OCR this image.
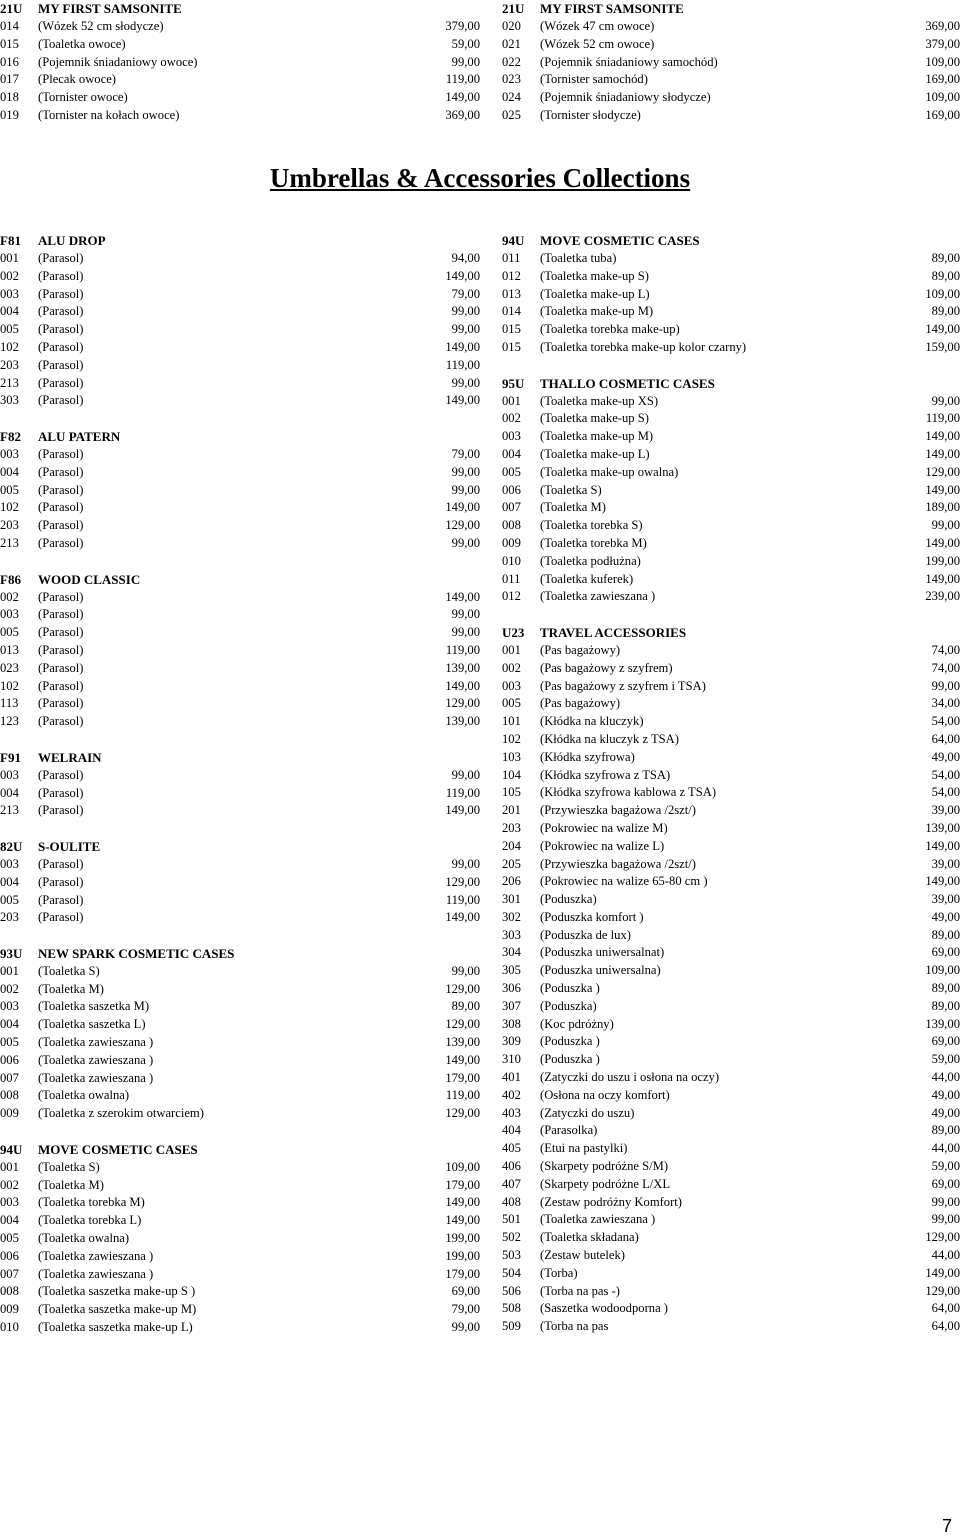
21U	MY FIRST SAMSONITE
014	(Wózek 52 cm słodycze)	379,00
015	(Toaletka owoce)	59,00
016	(Pojemnik śniadaniowy owoce)	99,00
017	(Plecak owoce)	119,00
018	(Tornister owoce)	149,00
019	(Tornister na kołach owoce)	369,00
21U	MY FIRST SAMSONITE
020	(Wózek 47 cm owoce)	369,00
021	(Wózek 52 cm owoce)	379,00
022	(Pojemnik śniadaniowy samochód)	109,00
023	(Tornister samochód)	169,00
024	(Pojemnik śniadaniowy słodycze)	109,00
025	(Tornister słodycze)	169,00
Umbrellas & Accessories Collections
F81	ALU DROP
001	(Parasol)	94,00
002	(Parasol)	149,00
003	(Parasol)	79,00
004	(Parasol)	99,00
005	(Parasol)	99,00
102	(Parasol)	149,00
203	(Parasol)	119,00
213	(Parasol)	99,00
303	(Parasol)	149,00
F82	ALU PATERN
003	(Parasol)	79,00
004	(Parasol)	99,00
005	(Parasol)	99,00
102	(Parasol)	149,00
203	(Parasol)	129,00
213	(Parasol)	99,00
F86	WOOD CLASSIC
002	(Parasol)	149,00
003	(Parasol)	99,00
005	(Parasol)	99,00
013	(Parasol)	119,00
023	(Parasol)	139,00
102	(Parasol)	149,00
113	(Parasol)	129,00
123	(Parasol)	139,00
F91	WELRAIN
003	(Parasol)	99,00
004	(Parasol)	119,00
213	(Parasol)	149,00
82U	S-OULITE
003	(Parasol)	99,00
004	(Parasol)	129,00
005	(Parasol)	119,00
203	(Parasol)	149,00
93U	NEW SPARK COSMETIC CASES
001	(Toaletka S)	99,00
002	(Toaletka M)	129,00
003	(Toaletka saszetka M)	89,00
004	(Toaletka saszetka L)	129,00
005	(Toaletka zawieszana )	139,00
006	(Toaletka zawieszana )	149,00
007	(Toaletka zawieszana )	179,00
008	(Toaletka owalna)	119,00
009	(Toaletka z szerokim otwarciem)	129,00
94U	MOVE COSMETIC CASES
001	(Toaletka S)	109,00
002	(Toaletka M)	179,00
003	(Toaletka torebka M)	149,00
004	(Toaletka torebka L)	149,00
005	(Toaletka owalna)	199,00
006	(Toaletka zawieszana )	199,00
007	(Toaletka zawieszana )	179,00
008	(Toaletka saszetka make-up S )	69,00
009	(Toaletka saszetka make-up M)	79,00
010	(Toaletka saszetka make-up L)	99,00
94U	MOVE COSMETIC CASES
011	(Toaletka tuba)	89,00
012	(Toaletka make-up S)	89,00
013	(Toaletka make-up L)	109,00
014	(Toaletka make-up M)	89,00
015	(Toaletka torebka make-up)	149,00
015	(Toaletka torebka make-up kolor czarny)	159,00
95U	THALLO COSMETIC CASES
001	(Toaletka make-up XS)	99,00
002	(Toaletka make-up S)	119,00
003	(Toaletka make-up M)	149,00
004	(Toaletka make-up L)	149,00
005	(Toaletka make-up owalna)	129,00
006	(Toaletka S)	149,00
007	(Toaletka M)	189,00
008	(Toaletka torebka S)	99,00
009	(Toaletka torebka M)	149,00
010	(Toaletka podłużna)	199,00
011	(Toaletka kuferek)	149,00
012	(Toaletka zawieszana )	239,00
U23	TRAVEL ACCESSORIES
001	(Pas bagażowy)	74,00
002	(Pas bagażowy z szyfrem)	74,00
003	(Pas bagażowy z szyfrem i TSA)	99,00
005	(Pas bagażowy)	34,00
101	(Kłódka na kluczyk)	54,00
102	(Kłódka na kluczyk z TSA)	64,00
103	(Kłódka szyfrowa)	49,00
104	(Kłódka szyfrowa z TSA)	54,00
105	(Kłódka szyfrowa kablowa z TSA)	54,00
201	(Przywieszka bagażowa /2szt/)	39,00
203	(Pokrowiec na walize M)	139,00
204	(Pokrowiec na walize L)	149,00
205	(Przywieszka bagażowa /2szt/)	39,00
206	(Pokrowiec na walize 65-80 cm )	149,00
301	(Poduszka)	39,00
302	(Poduszka komfort )	49,00
303	(Poduszka de lux)	89,00
304	(Poduszka uniwersalnat)	69,00
305	(Poduszka uniwersalna)	109,00
306	(Poduszka )	89,00
307	(Poduszka)	89,00
308	(Koc pdróżny)	139,00
309	(Poduszka )	69,00
310	(Poduszka )	59,00
401	(Zatyczki do uszu i osłona na oczy)	44,00
402	(Osłona na oczy komfort)	49,00
403	(Zatyczki do uszu)	49,00
404	(Parasolka)	89,00
405	(Etui na pastylki)	44,00
406	(Skarpety podróżne S/M)	59,00
407	(Skarpety podróżne L/XL	69,00
408	(Zestaw podróżny Komfort)	99,00
501	(Toaletka zawieszana )	99,00
502	(Toaletka składana)	129,00
503	(Zestaw butelek)	44,00
504	(Torba)	149,00
506	(Torba na pas -)	129,00
508	(Saszetka wodoodporna )	64,00
509	(Torba na pas	64,00
7
